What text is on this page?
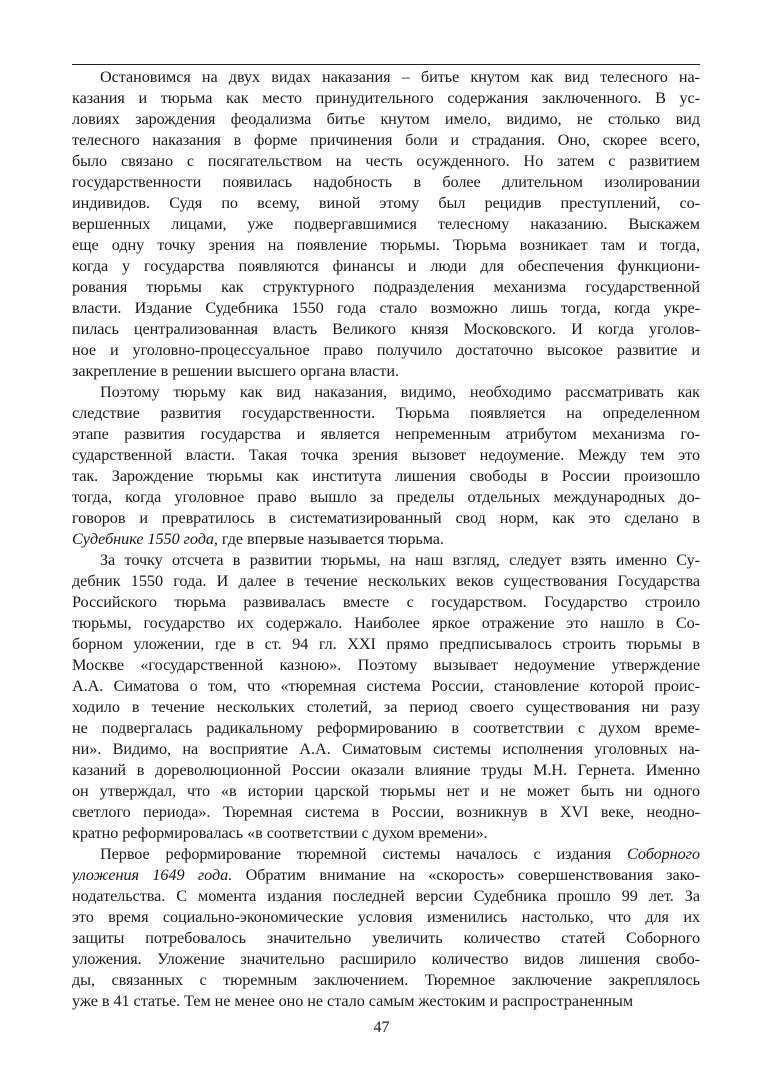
Остановимся на двух видах наказания – битье кнутом как вид телесного на-
казания и тюрьма как место принудительного содержания заключенного. В ус-
ловиях зарождения феодализма битье кнутом имело, видимо, не столько вид
телесного наказания в форме причинения боли и страдания. Оно, скорее всего,
было связано с посягательством на честь осужденного. Но затем с развитием
государственности появилась надобность в более длительном изолировании
индивидов. Судя по всему, виной этому был рецидив преступлений, со-
вершенных лицами, уже подвергавшимися телесному наказанию. Выскажем
еще одну точку зрения на появление тюрьмы. Тюрьма возникает там и тогда,
когда у государства появляются финансы и люди для обеспечения функциони-
рования тюрьмы как структурного подразделения механизма государственной
власти. Издание Судебника 1550 года стало возможно лишь тогда, когда укре-
пилась централизованная власть Великого князя Московского. И когда уголов-
ное и уголовно-процессуальное право получило достаточно высокое развитие и
закрепление в решении высшего органа власти.
Поэтому тюрьму как вид наказания, видимо, необходимо рассматривать как
следствие развития государственности. Тюрьма появляется на определенном
этапе развития государства и является непременным атрибутом механизма го-
сударственной власти. Такая точка зрения вызовет недоумение. Между тем это
так. Зарождение тюрьмы как института лишения свободы в России произошло
тогда, когда уголовное право вышло за пределы отдельных международных до-
говоров и превратилось в систематизированный свод норм, как это сделано в
Судебнике 1550 года, где впервые называется тюрьма.
За точку отсчета в развитии тюрьмы, на наш взгляд, следует взять именно Су-
дебник 1550 года. И далее в течение нескольких веков существования Государства
Российского тюрьма развивалась вместе с государством. Государство строило
тюрьмы, государство их содержало. Наиболее яркое отражение это нашло в Со-
борном уложении, где в ст. 94 гл. XXI прямо предписывалось строить тюрьмы в
Москве «государственной казною». Поэтому вызывает недоумение утверждение
А.А. Симатова о том, что «тюремная система России, становление которой проис-
ходило в течение нескольких столетий, за период своего существования ни разу
не подвергалась радикальному реформированию в соответствии с духом време-
ни». Видимо, на восприятие А.А. Симатовым системы исполнения уголовных на-
казаний в дореволюционной России оказали влияние труды М.Н. Гернета. Именно
он утверждал, что «в истории царской тюрьмы нет и не может быть ни одного
светлого периода». Тюремная система в России, возникнув в XVI веке, неодно-
кратно реформировалась «в соответствии с духом времени».
Первое реформирование тюремной системы началось с издания Соборного
уложения 1649 года. Обратим внимание на «скорость» совершенствования зако-
нодательства. С момента издания последней версии Судебника прошло 99 лет. За
это время социально-экономические условия изменились настолько, что для их
защиты потребовалось значительно увеличить количество статей Соборного
уложения. Уложение значительно расширило количество видов лишения свобо-
ды, связанных с тюремным заключением. Тюремное заключение закреплялось
уже в 41 статье. Тем не менее оно не стало самым жестоким и распространенным
47
